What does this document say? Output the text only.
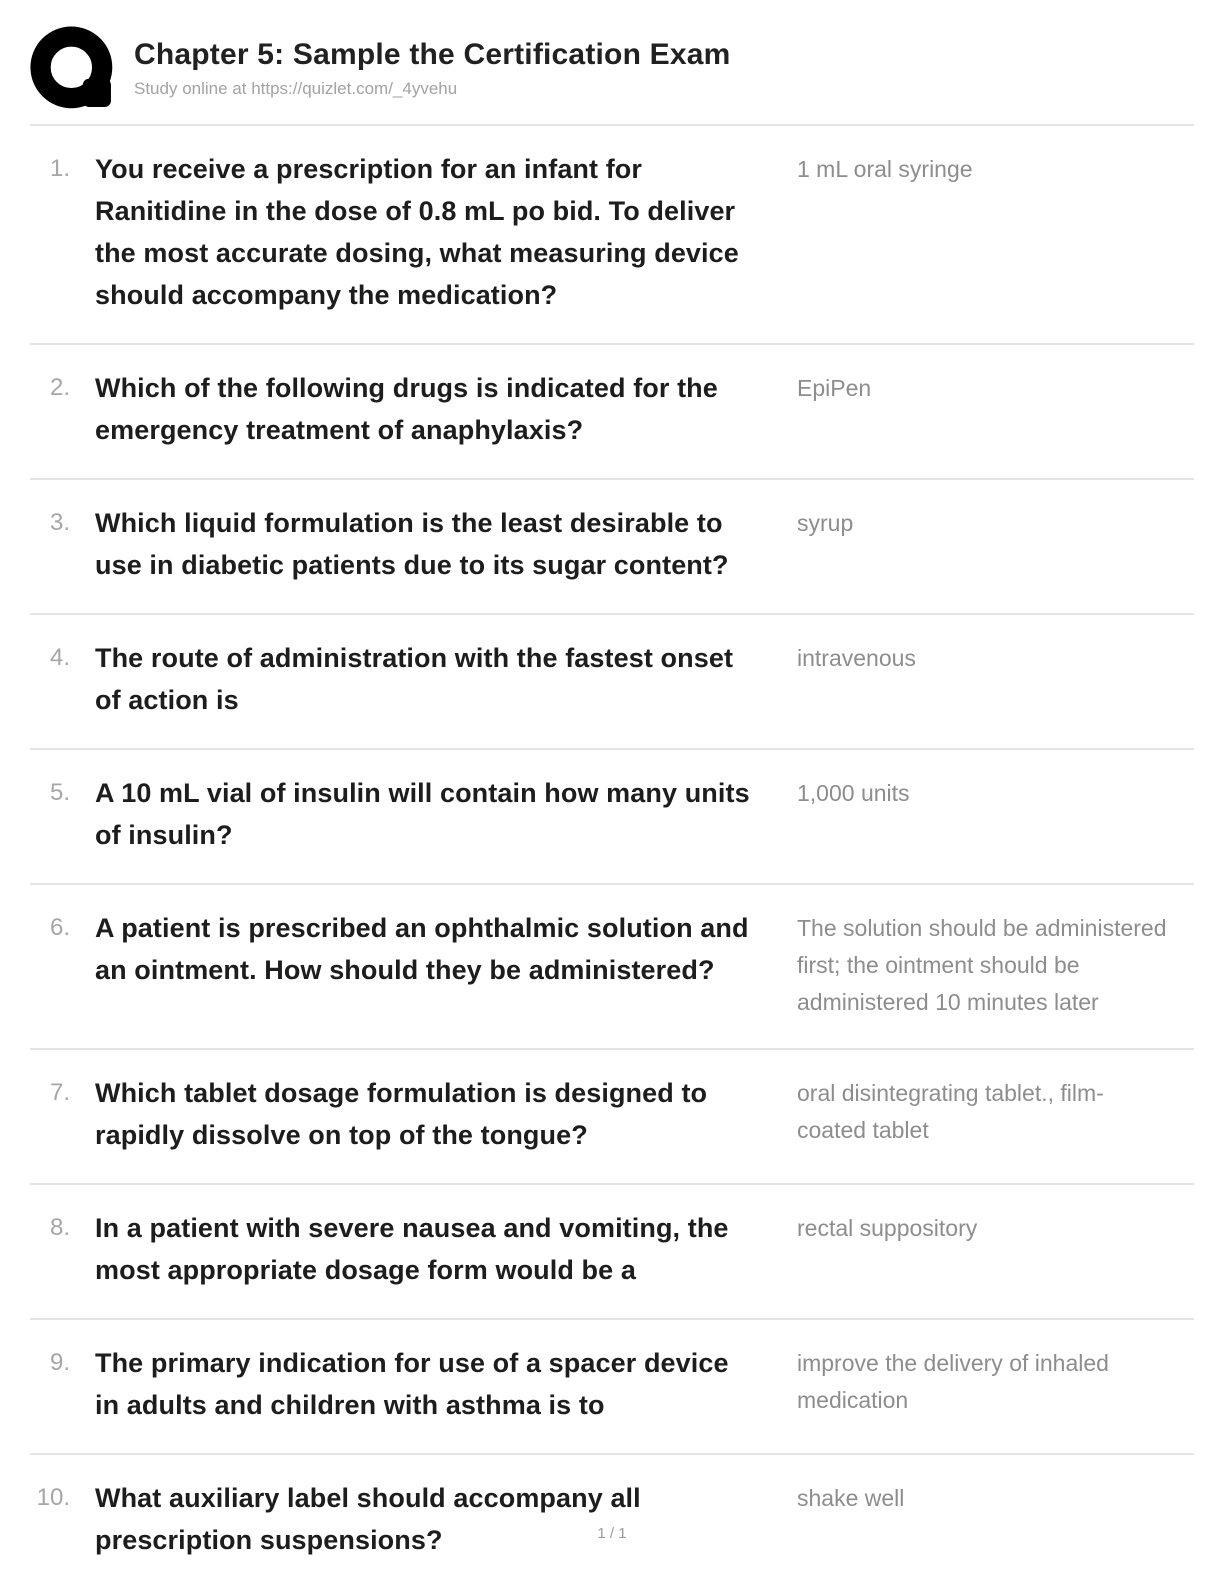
Chapter 5: Sample the Certification Exam
Study online at https://quizlet.com/_4yvehu
1. You receive a prescription for an infant for Ranitidine in the dose of 0.8 mL po bid. To deliver the most accurate dosing, what measuring device should accompany the medication?
1 mL oral syringe
2. Which of the following drugs is indicated for the emergency treatment of anaphylaxis?
EpiPen
3. Which liquid formulation is the least desirable to use in diabetic patients due to its sugar content?
syrup
4. The route of administration with the fastest onset of action is
intravenous
5. A 10 mL vial of insulin will contain how many units of insulin?
1,000 units
6. A patient is prescribed an ophthalmic solution and an ointment. How should they be administered?
The solution should be administered first; the ointment should be administered 10 minutes later
7. Which tablet dosage formulation is designed to rapidly dissolve on top of the tongue?
oral disintegrating tablet., film-coated tablet
8. In a patient with severe nausea and vomiting, the most appropriate dosage form would be a
rectal suppository
9. The primary indication for use of a spacer device in adults and children with asthma is to
improve the delivery of inhaled medication
10. What auxiliary label should accompany all prescription suspensions?
shake well
1 / 1
